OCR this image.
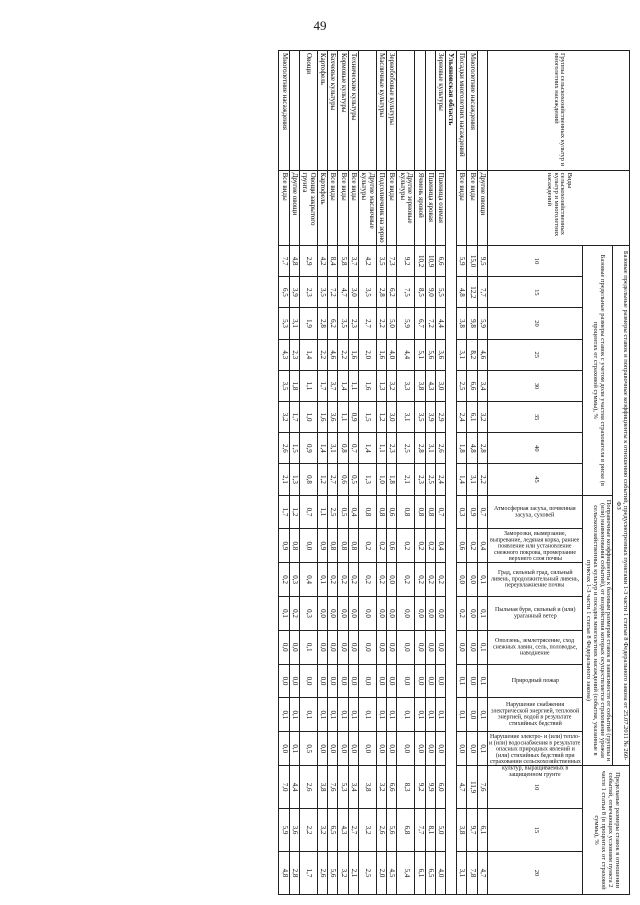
49
Группы сельскохозяйственных культур и многолетних насаждений	Виды сельскохозяйственных культур и многолетних насаждений	Базовые предельные размеры ставок и поправочные коэффициенты к отношению событий, предусмотренных пунктами 1-3 части 1 статьи 8 Федерального закона от 25.07.2011 № 260-ФЗ																Предельные размеры ставок в отношении событий, отвечающих условиям пункта 2 части 1 статьи 8 (в процентах от страховой суммы), %		
		Базовые предельные размеры ставок с учетом доли участия страхователя в риске (в процентах от страховой суммы), %								Поправочные коэффициенты к базовым размерам ставок в зависимости от событий (группы и (или) наименования событий), от воздействия которых осуществляется страхование урожая сельскохозяйственных культур и посадок многолетних насаждений (события, указанные в пунктах 1-3 части 1 статьи 8 Федерального закона)										
		10	15	20	25	30	35	40	45	Атмосферная засуха, почвенная засуха, суховей	Заморозки, вымерзание, выпревание, ледяная корка, раннее появление или установление снежного покрова, промерзание верхнего слоя почвы	Град, сильный град, сильный ливень, продолжительный ливень, переувлажнение почвы	Пыльная буря, сильный и (или) ураганный ветер	Оползень, землетрясение, сход снежных лавин, сель, половодье, наводнение	Природный пожар	Нарушение снабжения электрической энергией, тепловой энергией, водой в результате стихийных бедствий	Нарушение электро- и (или) тепло- и (или) водоснабжения в результате опасных природных явлений и (или) стихийных бедствий при страховании сельскохозяйственных культур, выращиваемых в защищенном грунте	10	15	20
	Другие овощи	9,5	7,7	5,9	4,6	3,4	3,2	2,8	2,2	0,7	0,4	0,1	0,1	0,1	0,1	0,1	0,1	7,6	6,1	4,7
Многолетние насаждения	Все виды	15,0	12,2	9,8	8,2	6,6	6,1	4,8	3,1	0,9	0,2	0,0	0,0	0,0	0,0	0,0	0,0	11,9	9,7	7,8
Посадки многолетних насаждений	Все виды	5,9	4,8	3,8	3,1	2,5	2,4	1,8	1,4	0,3	0,6	0,0	0,2	0,0	0,1	0,1	0,0	4,7	3,8	3,1
Ульяновская область																				
Зерновые культуры	Пшеница озимая	6,6	5,5	4,4	3,6	3,0	2,9	2,6	2,4	0,7	0,4	0,2	0,0	0,0	0,0	0,1	0,0	6,0	5,0	4,0
	Пшеница яровая	10,9	9,0	7,2	5,6	4,3	3,9	3,1	2,5	0,8	0,2	0,2	0,0	0,0	0,0	0,1	0,0	9,9	8,1	6,5
	Ячмень яровой	10,2	8,5	6,7	5,1	3,8	3,5	2,8	2,3	0,8	0,2	0,2	0,0	0,0	0,0	0,1	0,0	9,2	7,7	6,1
	Другие зерновые культуры	9,2	7,5	5,9	4,4	3,3	3,1	2,5	2,1	0,8	0,2	0,2	0,0	0,0	0,0	0,1	0,0	8,3	6,8	5,4
Зернобобовые культуры	Все виды	7,3	6,2	5,0	4,0	3,2	3,0	2,3	1,8	0,6	0,6	0,0	0,0	0,0	0,0	0,1	0,0	6,6	5,6	4,5
Масличные культуры	Подсолнечник на зерно	3,5	2,8	2,2	1,6	1,3	1,2	1,1	1,0	0,8	0,2	0,2	0,0	0,0	0,0	0,1	0,0	3,2	2,6	2,0
	Другие масличные культуры	4,2	3,5	2,7	2,0	1,6	1,5	1,4	1,3	0,8	0,2	0,2	0,0	0,0	0,0	0,1	0,0	3,8	3,2	2,5
Технические культуры	Все виды	3,7	3,0	2,3	1,6	1,1	0,9	0,7	0,5	0,4	0,8	0,2	0,0	0,0	0,0	0,1	0,0	3,4	2,7	2,1
Кормовые культуры	Все виды	5,8	4,7	3,5	2,2	1,4	1,1	0,8	0,6	0,5	0,8	0,2	0,0	0,0	0,0	0,1	0,0	5,3	4,3	3,2
Бахчевые культуры	Все виды	8,4	7,2	6,2	4,6	3,7	3,6	3,1	2,7	2,5	0,8	0,2	0,0	0,0	0,0	0,1	0,0	7,6	6,5	5,6
Картофель	Картофель	4,2	3,5	2,8	2,2	1,7	1,6	1,4	1,2	1,1	0,9	0,1	0,0	0,0	0,0	0,1	0,0	3,8	3,2	2,6
Овощи	Овощи закрытого грунта	2,9	2,3	1,9	1,4	1,1	1,0	0,9	0,8	0,7	0,0	0,4	0,3	0,1	0,0	0,1	0,5	2,6	2,2	1,7
	Другие овощи	4,8	3,9	3,1	2,3	1,8	1,7	1,5	1,3	1,2	0,8	0,3	0,2	0,0	0,0	0,1	0,1	4,4	3,6	2,8
Многолетние насаждения	Все виды	7,7	6,5	5,3	4,3	3,5	3,2	2,6	2,1	1,7	0,9	0,2	0,1	0,0	0,0	0,1	0,0	7,0	5,9	4,8
